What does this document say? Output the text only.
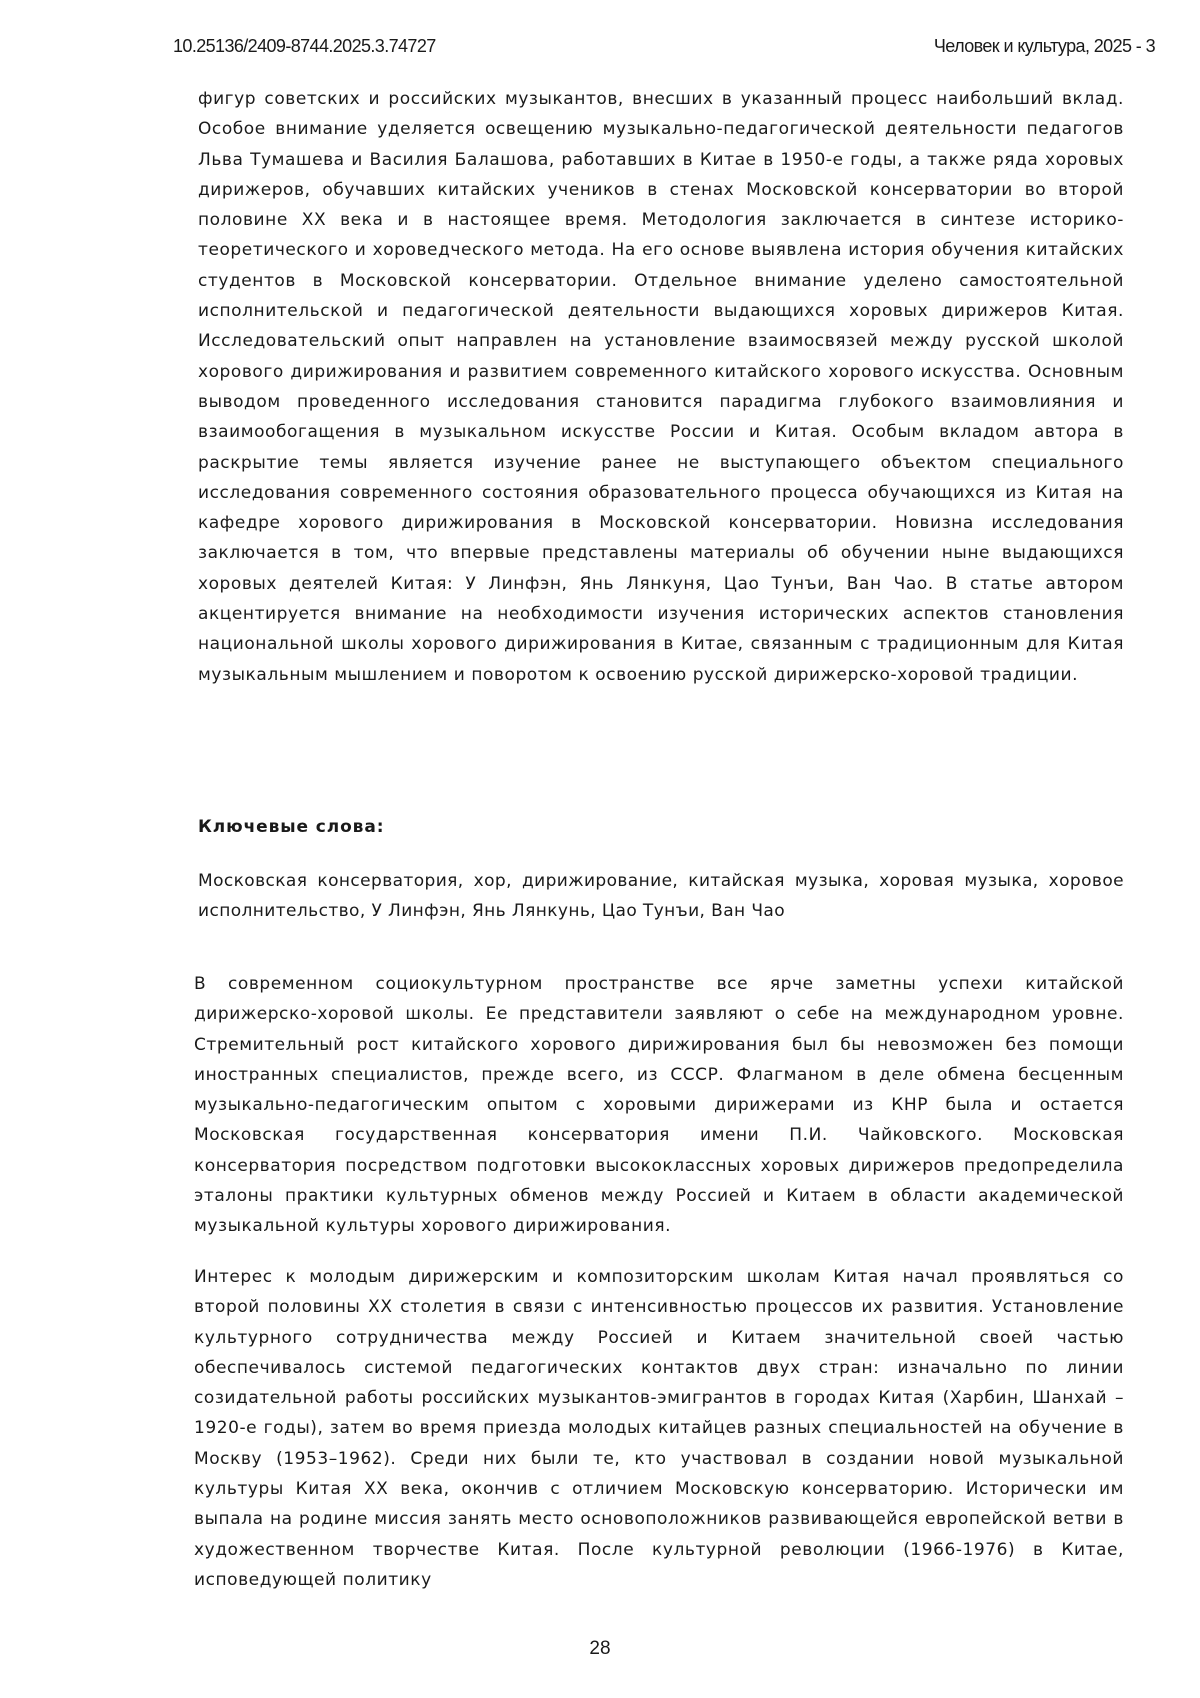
10.25136/2409-8744.2025.3.74727	Человек и культура, 2025 - 3

фигур советских и российских музыкантов, внесших в указанный процесс наибольший вклад. Особое внимание уделяется освещению музыкально-педагогической деятельности педагогов Льва Тумашева и Василия Балашова, работавших в Китае в 1950-е годы, а также ряда хоровых дирижеров, обучавших китайских учеников в стенах Московской консерватории во второй половине XX века и в настоящее время. Методология заключается в синтезе историко-теоретического и хороведческого метода. На его основе выявлена история обучения китайских студентов в Московской консерватории. Отдельное внимание уделено самостоятельной исполнительской и педагогической деятельности выдающихся хоровых дирижеров Китая. Исследовательский опыт направлен на установление взаимосвязей между русской школой хорового дирижирования и развитием современного китайского хорового искусства. Основным выводом проведенного исследования становится парадигма глубокого взаимовлияния и взаимообогащения в музыкальном искусстве России и Китая. Особым вкладом автора в раскрытие темы является изучение ранее не выступающего объектом специального исследования современного состояния образовательного процесса обучающихся из Китая на кафедре хорового дирижирования в Московской консерватории. Новизна исследования заключается в том, что впервые представлены материалы об обучении ныне выдающихся хоровых деятелей Китая: У Линфэн, Янь Лянкуня, Цао Тунъи, Ван Чао. В статье автором акцентируется внимание на необходимости изучения исторических аспектов становления национальной школы хорового дирижирования в Китае, связанным с традиционным для Китая музыкальным мышлением и поворотом к освоению русской дирижерско-хоровой традиции.

Ключевые слова:

Московская консерватория, хор, дирижирование, китайская музыка, хоровая музыка, хоровое исполнительство, У Линфэн, Янь Лянкунь, Цао Тунъи, Ван Чао

В современном социокультурном пространстве все ярче заметны успехи китайской дирижерско-хоровой школы. Ее представители заявляют о себе на международном уровне. Стремительный рост китайского хорового дирижирования был бы невозможен без помощи иностранных специалистов, прежде всего, из СССР. Флагманом в деле обмена бесценным музыкально-педагогическим опытом с хоровыми дирижерами из КНР была и остается Московская государственная консерватория имени П.И. Чайковского. Московская консерватория посредством подготовки высококлассных хоровых дирижеров предопределила эталоны практики культурных обменов между Россией и Китаем в области академической музыкальной культуры хорового дирижирования.

Интерес к молодым дирижерским и композиторским школам Китая начал проявляться со второй половины XX столетия в связи с интенсивностью процессов их развития. Установление культурного сотрудничества между Россией и Китаем значительной своей частью обеспечивалось системой педагогических контактов двух стран: изначально по линии созидательной работы российских музыкантов-эмигрантов в городах Китая (Харбин, Шанхай – 1920-е годы), затем во время приезда молодых китайцев разных специальностей на обучение в Москву (1953–1962). Среди них были те, кто участвовал в создании новой музыкальной культуры Китая XX века, окончив с отличием Московскую консерваторию. Исторически им выпала на родине миссия занять место основоположников развивающейся европейской ветви в художественном творчестве Китая. После культурной революции (1966-1976) в Китае, исповедующей политику

28
